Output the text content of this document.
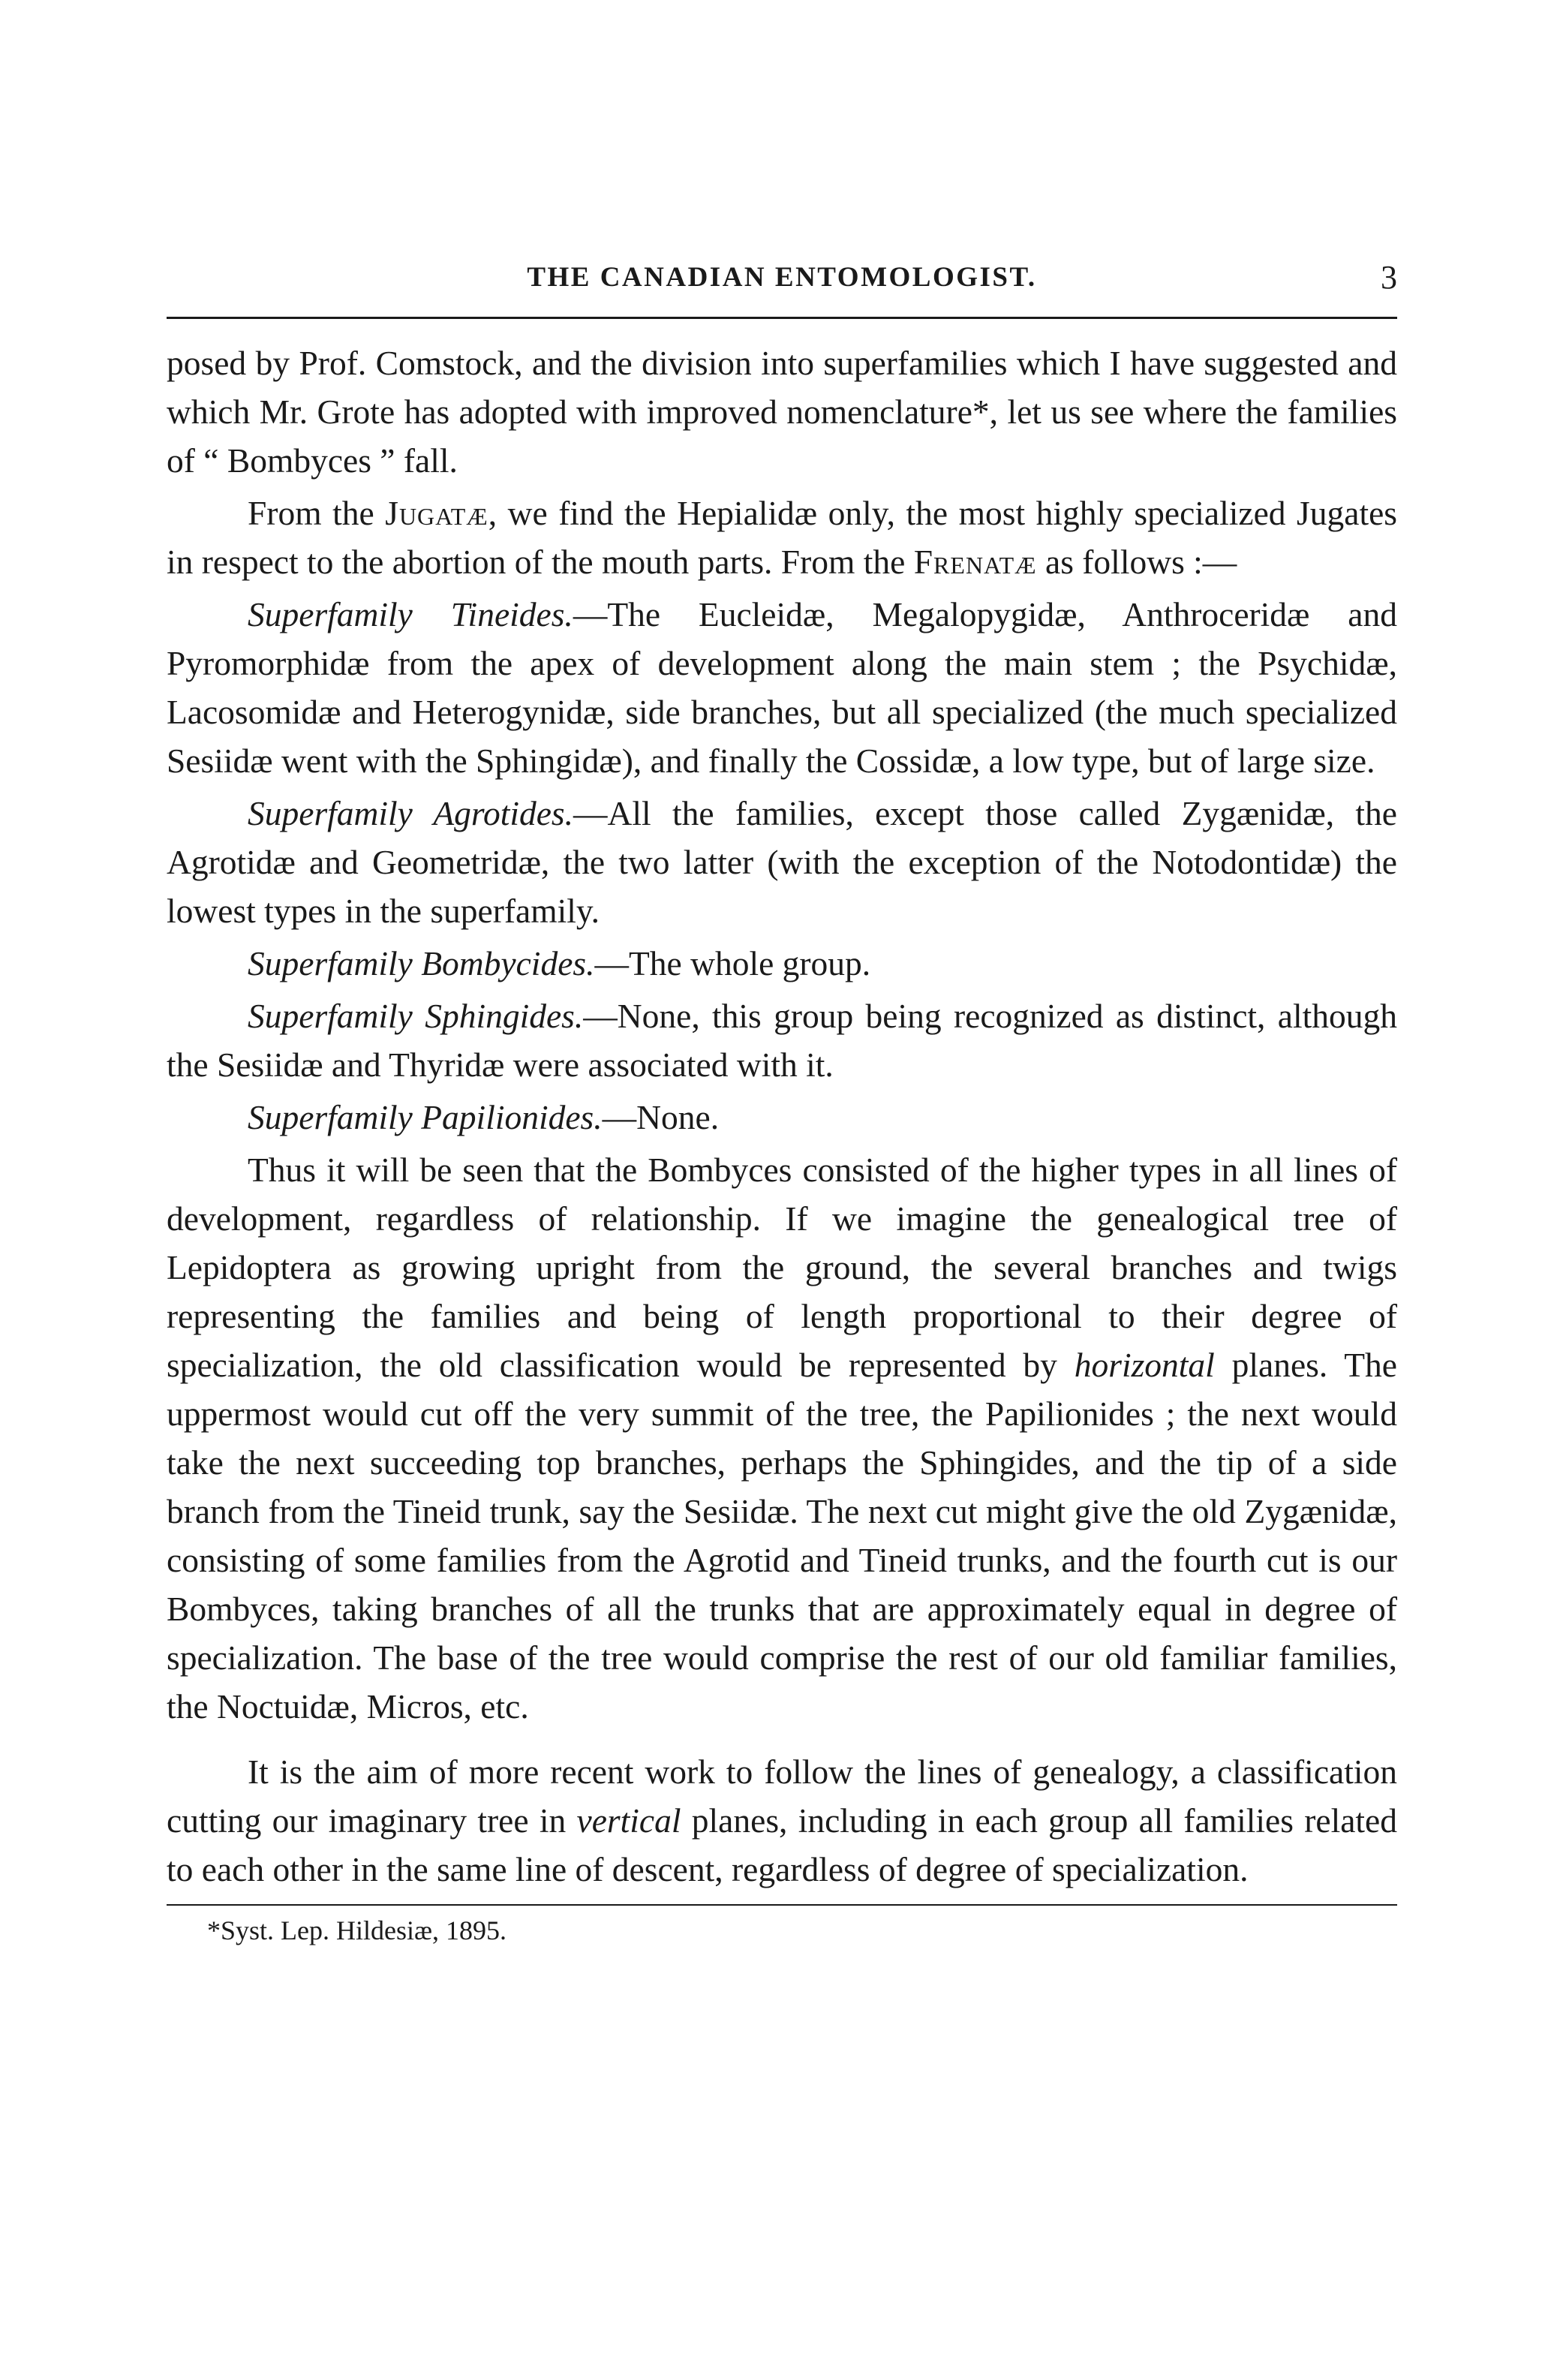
THE CANADIAN ENTOMOLOGIST.	3

posed by Prof. Comstock, and the division into superfamilies which I have suggested and which Mr. Grote has adopted with improved nomenclature*, let us see where the families of “ Bombyces ” fall.

From the Jugatæ, we find the Hepialidæ only, the most highly specialized Jugates in respect to the abortion of the mouth parts. From the Frenatæ as follows :—

Superfamily Tineides.—The Eucleidæ, Megalopygidæ, Anthroceridæ and Pyromorphidæ from the apex of development along the main stem ; the Psychidæ, Lacosomidæ and Heterogynidæ, side branches, but all specialized (the much specialized Sesiidæ went with the Sphingidæ), and finally the Cossidæ, a low type, but of large size.

Superfamily Agrotides.—All the families, except those called Zygænidæ, the Agrotidæ and Geometridæ, the two latter (with the exception of the Notodontidæ) the lowest types in the superfamily.

Superfamily Bombycides.—The whole group.

Superfamily Sphingides.—None, this group being recognized as distinct, although the Sesiidæ and Thyridæ were associated with it.

Superfamily Papilionides.—None.

Thus it will be seen that the Bombyces consisted of the higher types in all lines of development, regardless of relationship. If we imagine the genealogical tree of Lepidoptera as growing upright from the ground, the several branches and twigs representing the families and being of length proportional to their degree of specialization, the old classification would be represented by horizontal planes. The uppermost would cut off the very summit of the tree, the Papilionides ; the next would take the next succeeding top branches, perhaps the Sphingides, and the tip of a side branch from the Tineid trunk, say the Sesiidæ. The next cut might give the old Zygænidæ, consisting of some families from the Agrotid and Tineid trunks, and the fourth cut is our Bombyces, taking branches of all the trunks that are approximately equal in degree of specialization. The base of the tree would comprise the rest of our old familiar families, the Noctuidæ, Micros, etc.

It is the aim of more recent work to follow the lines of genealogy, a classification cutting our imaginary tree in vertical planes, including in each group all families related to each other in the same line of descent, regardless of degree of specialization.

*Syst. Lep. Hildesiæ, 1895.
